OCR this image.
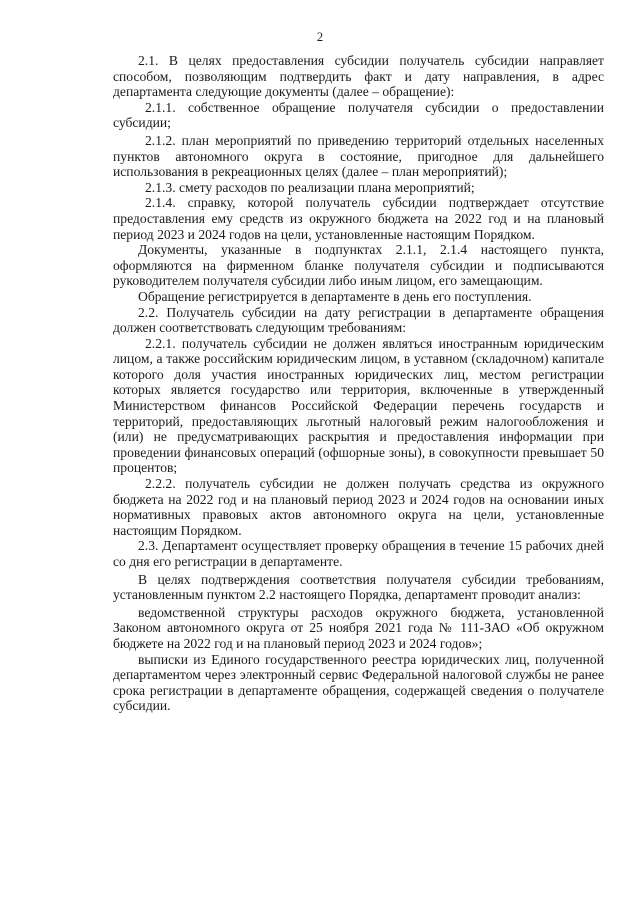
2

2.1. В целях предоставления субсидии получатель субсидии направляет способом, позволяющим подтвердить факт и дату направления, в адрес департамента следующие документы (далее – обращение):

2.1.1. собственное обращение получателя субсидии о предоставлении субсидии;

2.1.2. план мероприятий по приведению территорий отдельных населенных пунктов автономного округа в состояние, пригодное для дальнейшего использования в рекреационных целях (далее – план мероприятий);

2.1.3. смету расходов по реализации плана мероприятий;

2.1.4. справку, которой получатель субсидии подтверждает отсутствие предоставления ему средств из окружного бюджета на 2022 год и на плановый период 2023 и 2024 годов на цели, установленные настоящим Порядком.

Документы, указанные в подпунктах 2.1.1, 2.1.4 настоящего пункта, оформляются на фирменном бланке получателя субсидии и подписываются руководителем получателя субсидии либо иным лицом, его замещающим.

Обращение регистрируется в департаменте в день его поступления.

2.2. Получатель субсидии на дату регистрации в департаменте обращения должен соответствовать следующим требованиям:

2.2.1. получатель субсидии не должен являться иностранным юридическим лицом, а также российским юридическим лицом, в уставном (складочном) капитале которого доля участия иностранных юридических лиц, местом регистрации которых является государство или территория, включенные в утвержденный Министерством финансов Российской Федерации перечень государств и территорий, предоставляющих льготный налоговый режим налогообложения и (или) не предусматривающих раскрытия и предоставления информации при проведении финансовых операций (офшорные зоны), в совокупности превышает 50 процентов;

2.2.2. получатель субсидии не должен получать средства из окружного бюджета на 2022 год и на плановый период 2023 и 2024 годов на основании иных нормативных правовых актов автономного округа на цели, установленные настоящим Порядком.

2.3. Департамент осуществляет проверку обращения в течение 15 рабочих дней со дня его регистрации в департаменте.

В целях подтверждения соответствия получателя субсидии требованиям, установленным пунктом 2.2 настоящего Порядка, департамент проводит анализ:

ведомственной структуры расходов окружного бюджета, установленной Законом автономного округа от 25 ноября 2021 года № 111-ЗАО «Об окружном бюджете на 2022 год и на плановый период 2023 и 2024 годов»;

выписки из Единого государственного реестра юридических лиц, полученной департаментом через электронный сервис Федеральной налоговой службы не ранее срока регистрации в департаменте обращения, содержащей сведения о получателе субсидии.
